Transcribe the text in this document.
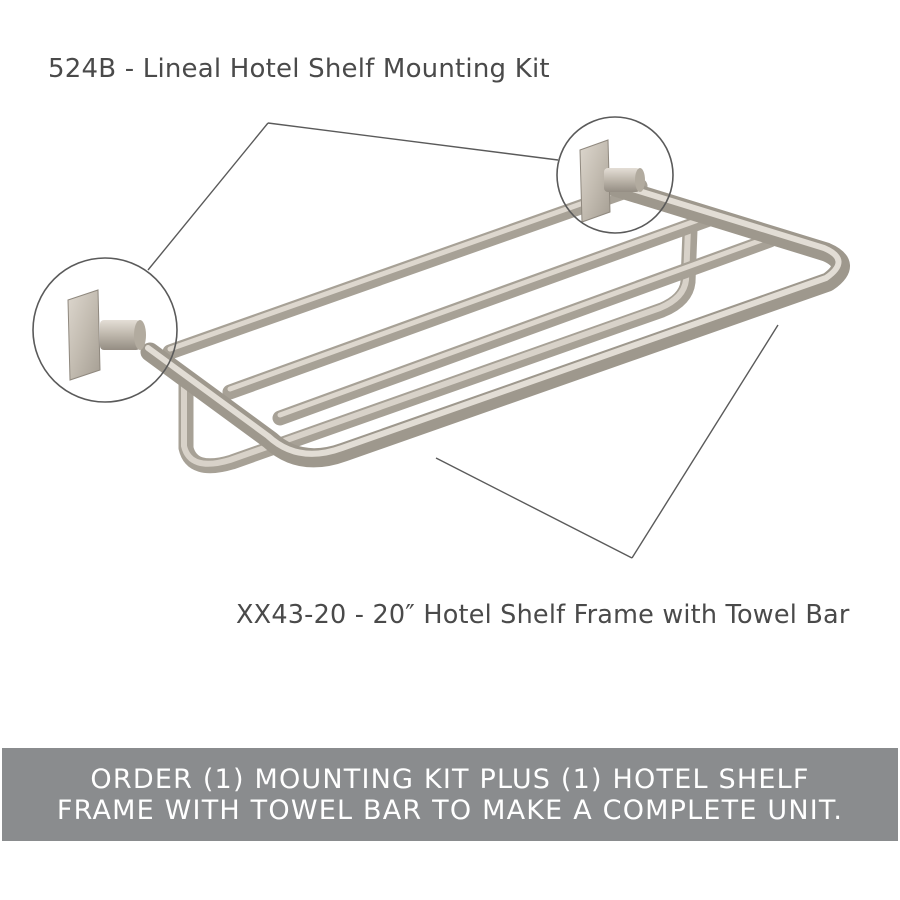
524B - Lineal Hotel Shelf Mounting Kit
XX43-20 - 20″ Hotel Shelf Frame with Towel Bar
ORDER (1) MOUNTING KIT PLUS (1) HOTEL SHELF
FRAME WITH TOWEL BAR TO MAKE A COMPLETE UNIT.
